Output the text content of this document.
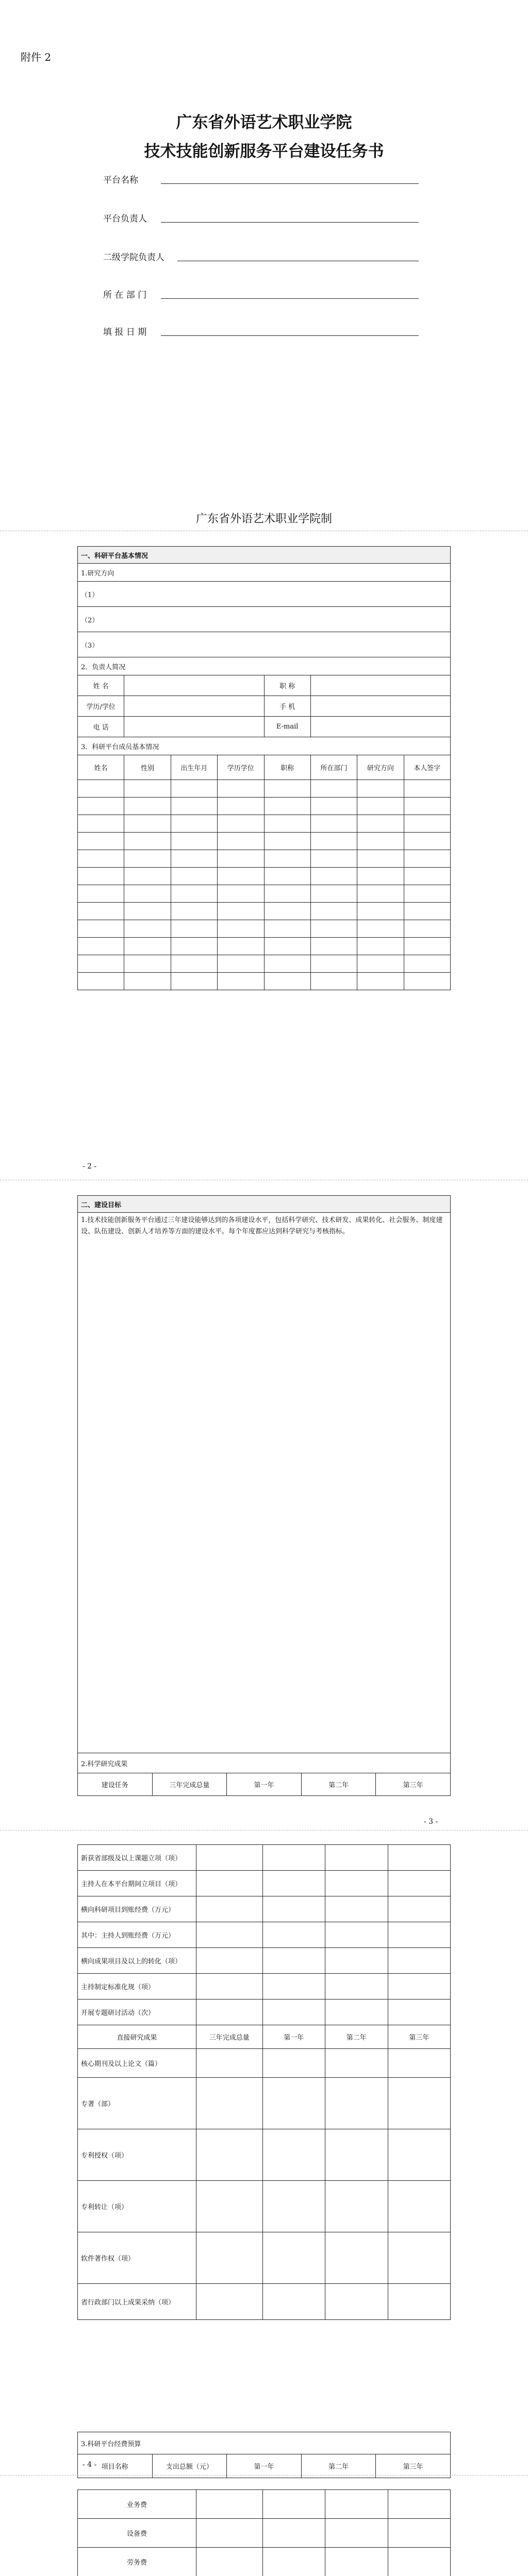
附件 2
广东省外语艺术职业学院
技术技能创新服务平台建设任务书
平台名称
平台负责人
二级学院负责人
所 在 部 门
填 报 日 期
广东省外语艺术职业学院制
一、科研平台基本情况							
1.研究方向							
（1）							
（2）							
（3）							
2．负责人简况							
姓 名				职 称			
学历/学位				手 机			
电 话				E-mail			
3．科研平台成员基本情况							
姓名	性别	出生年月	学历学位	职称	所在部门	研究方向	本人签字

- 2 -
二、建设目标
1.技术技能创新服务平台通过三年建设能够达到的各项建设水平，包括科学研究、技术研发、成果转化、社会服务、制度建设、队伍建设、创新人才培养等方面的建设水平。每个年度都应达到科学研究与考核指标。
2.科学研究成果
建设任务	三年完成总量	第一年	第二年	第三年
- 3 -
新获省部级及以上课题立项（项）				
主持人在本平台期间立项目（项）				
横向科研项目到账经费（万元）				
其中：主持人到账经费（万元）				
横向成果项目及以上的转化（项）				
主持制定标准化规（项）				
开展专题研讨活动（次）				
直接研究成果	三年完成总量	第一年	第二年	第三年
核心期刊及以上论文（篇）				
专著（部）				
专利授权（项）				
专利转让（项）				
软件著作权（项）				
省行政部门以上成果采纳（项）				
3.科研平台经费预算
项目名称	支出总额（元）	第一年	第二年	第三年
- 4 -
业务费				
设备费				
劳务费				
